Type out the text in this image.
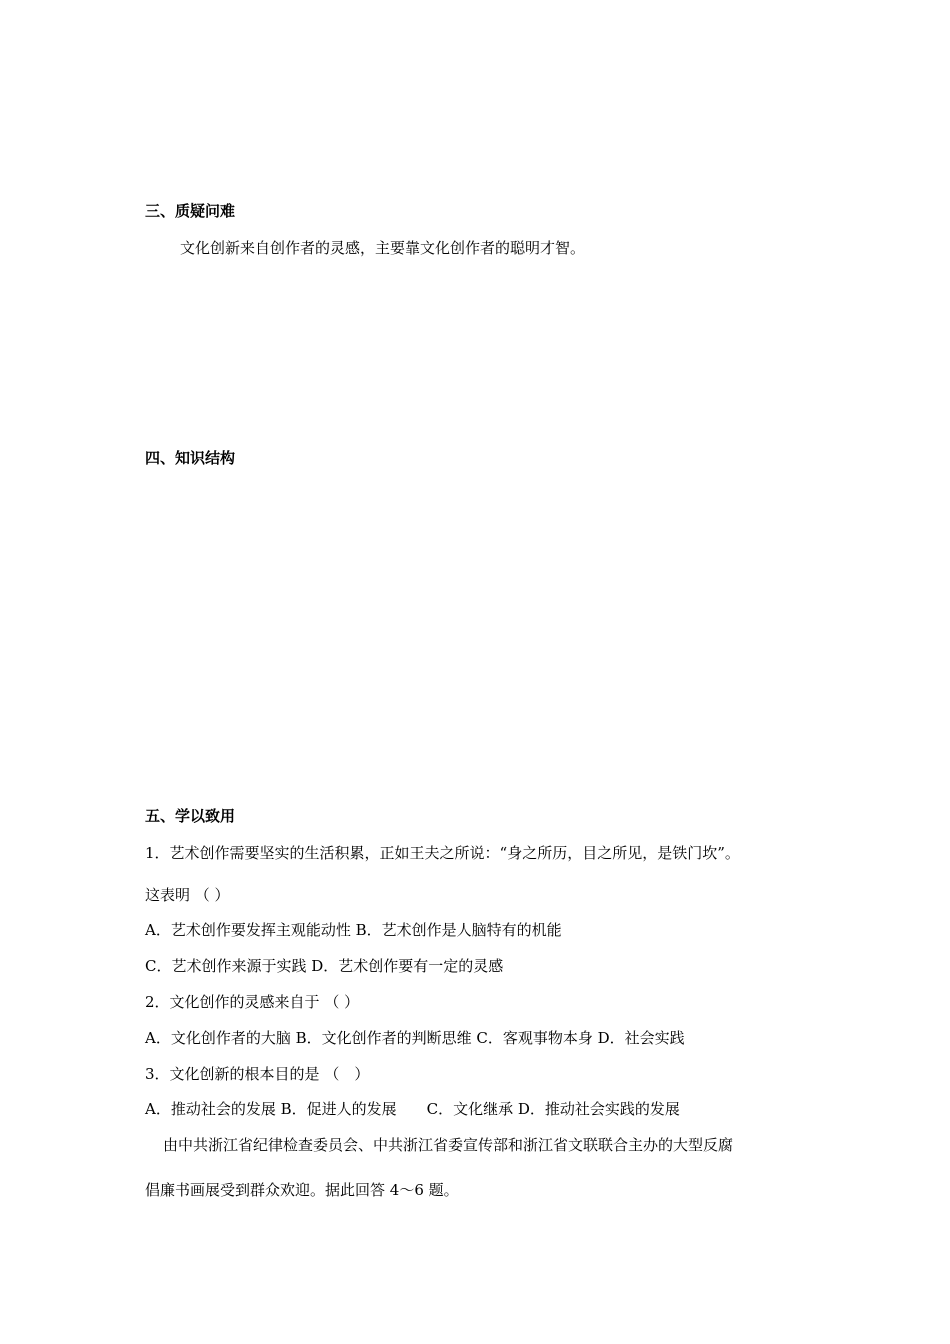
三、质疑问难
文化创新来自创作者的灵感，主要靠文化创作者的聪明才智。
四、知识结构
五、学以致用
1．艺术创作需要坚实的生活积累，正如王夫之所说：“身之所历，目之所见，是铁门坎”。
这表明 （ ）
A．艺术创作要发挥主观能动性 B．艺术创作是人脑特有的机能
C．艺术创作来源于实践 D．艺术创作要有一定的灵感
2．文化创作的灵感来自于 （ ）
A．文化创作者的大脑 B．文化创作者的判断思维 C．客观事物本身 D．社会实践
3．文化创新的根本目的是 （　）
A．推动社会的发展 B．促进人的发展　　C．文化继承 D．推动社会实践的发展
由中共浙江省纪律检查委员会、中共浙江省委宣传部和浙江省文联联合主办的大型反腐
倡廉书画展受到群众欢迎。据此回答 4～6 题。
